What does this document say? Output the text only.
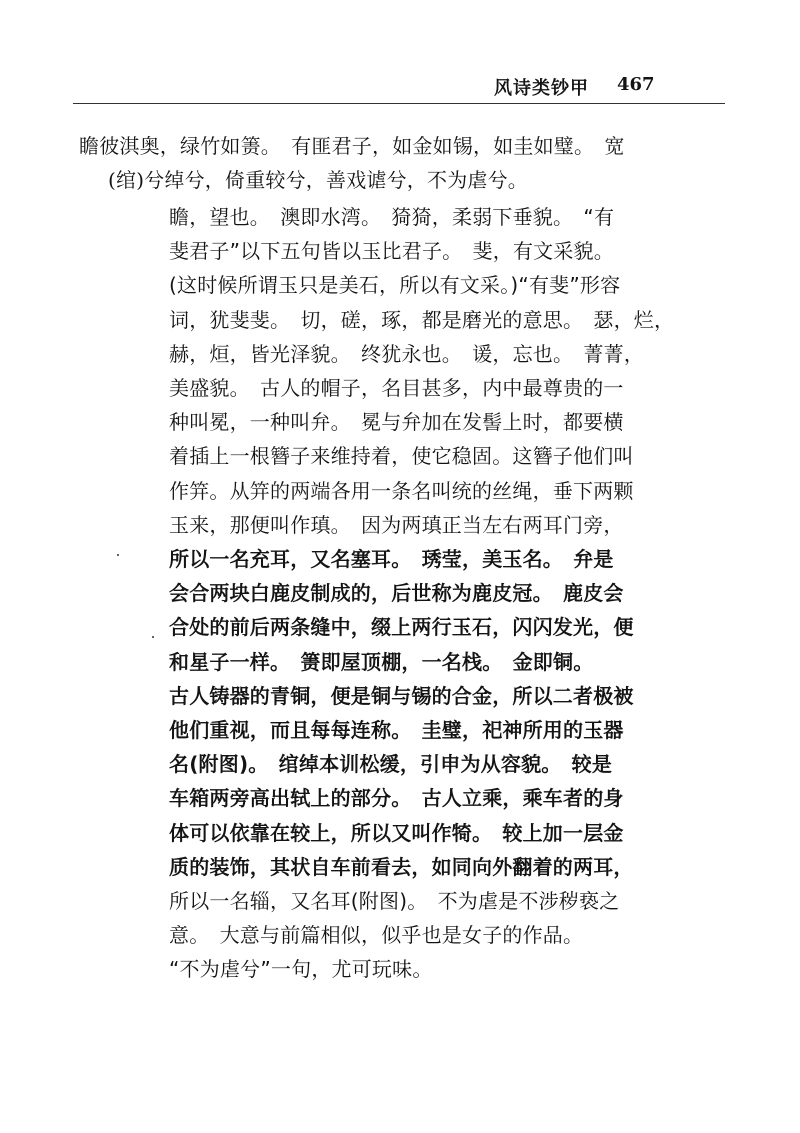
风诗类钞甲 467
瞻彼淇奥，绿竹如箦。　有匪君子，如金如锡，如圭如璧。　宽
(绾)兮绰兮，倚重较兮，善戏谑兮，不为虐兮。
瞻，望也。　澳即水湾。　猗猗，柔弱下垂貌。　“有
斐君子”以下五句皆以玉比君子。　斐，有文采貌。
(这时候所谓玉只是美石，所以有文采。)“有斐”形容
词，犹斐斐。　切，磋，琢，都是磨光的意思。　瑟，烂，
赫，烜，皆光泽貌。　终犹永也。　谖，忘也。　菁菁，
美盛貌。　古人的帽子，名目甚多，内中最尊贵的一
种叫冕，一种叫弁。　冕与弁加在发髻上时，都要横
着插上一根簪子来维持着，使它稳固。这簪子他们叫
作笄。从笄的两端各用一条名叫统的丝绳，垂下两颗
玉来，那便叫作瑱。　因为两瑱正当左右两耳门旁，
所以一名充耳，又名塞耳。　琇莹，美玉名。　弁是
会合两块白鹿皮制成的，后世称为鹿皮冠。　鹿皮会
合处的前后两条缝中，缀上两行玉石，闪闪发光，便
和星子一样。　箦即屋顶棚，一名栈。　金即铜。
古人铸器的青铜，便是铜与锡的合金，所以二者极被
他们重视，而且每每连称。　圭璧，祀神所用的玉器
名(附图)。　绾绰本训松缓，引申为从容貌。　较是
车箱两旁高出轼上的部分。　古人立乘，乘车者的身
体可以依靠在较上，所以又叫作犄。　较上加一层金
质的装饰，其状自车前看去，如同向外翻着的两耳，
所以一名辎，又名耳(附图)。　不为虐是不涉秽亵之
意。　大意与前篇相似，似乎也是女子的作品。
“不为虐兮”一句，尤可玩味。
